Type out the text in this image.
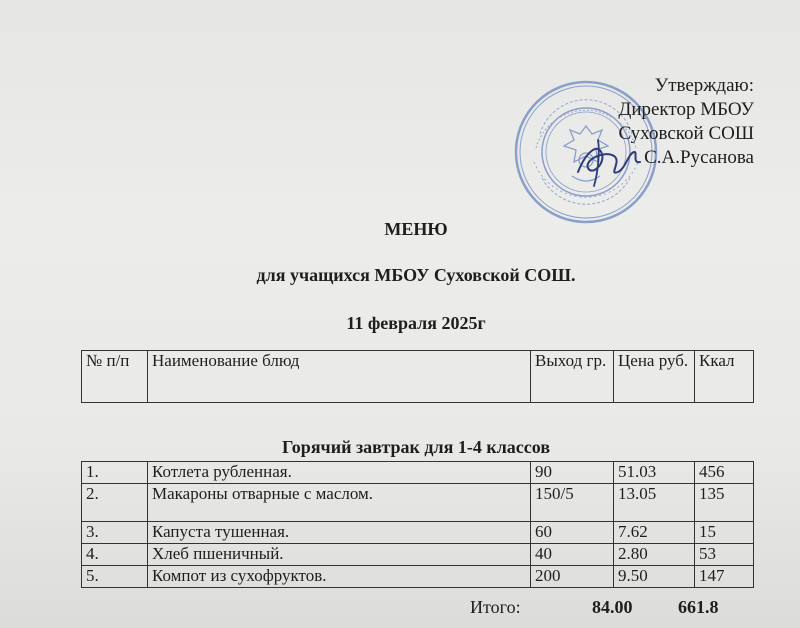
Утверждаю:
Директор МБОУ
Суховской СОШ
С.А.Русанова
МЕНЮ
для учащихся МБОУ Суховской СОШ.
11 февраля 2025г
№ п/п	Наименование блюд	Выход гр.	Цена руб.	Ккал
Горячий завтрак для 1-4 классов
1.	Котлета рубленная.	90	51.03	456
2.	Макароны отварные с маслом.	150/5	13.05	135
3.	Капуста тушенная.	60	7.62	15
4.	Хлеб пшеничный.	40	2.80	53
5.	Компот из сухофруктов.	200	9.50	147
Итого:	84.00	661.8
